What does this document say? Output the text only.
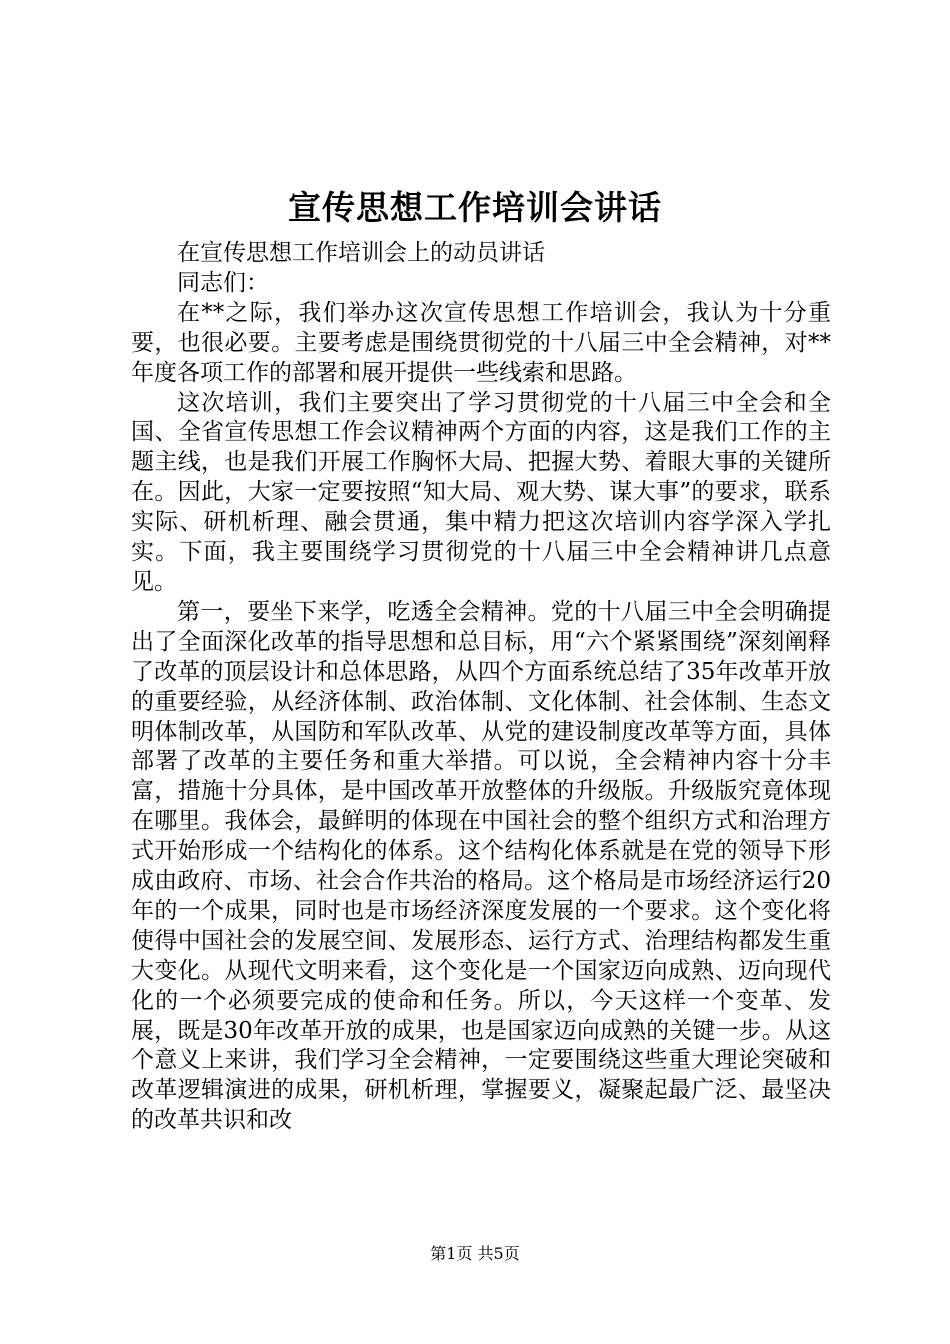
宣传思想工作培训会讲话

在宣传思想工作培训会上的动员讲话

同志们：

在**之际，我们举办这次宣传思想工作培训会，我认为十分重要，也很必要。主要考虑是围绕贯彻党的十八届三中全会精神，对**年度各项工作的部署和展开提供一些线索和思路。

这次培训，我们主要突出了学习贯彻党的十八届三中全会和全国、全省宣传思想工作会议精神两个方面的内容，这是我们工作的主题主线，也是我们开展工作胸怀大局、把握大势、着眼大事的关键所在。因此，大家一定要按照“知大局、观大势、谋大事”的要求，联系实际、研机析理、融会贯通，集中精力把这次培训内容学深入学扎实。下面，我主要围绕学习贯彻党的十八届三中全会精神讲几点意见。

第一，要坐下来学，吃透全会精神。党的十八届三中全会明确提出了全面深化改革的指导思想和总目标，用“六个紧紧围绕”深刻阐释了改革的顶层设计和总体思路，从四个方面系统总结了35年改革开放的重要经验，从经济体制、政治体制、文化体制、社会体制、生态文明体制改革，从国防和军队改革、从党的建设制度改革等方面，具体部署了改革的主要任务和重大举措。可以说，全会精神内容十分丰富，措施十分具体，是中国改革开放整体的升级版。升级版究竟体现在哪里。我体会，最鲜明的体现在中国社会的整个组织方式和治理方式开始形成一个结构化的体系。这个结构化体系就是在党的领导下形成由政府、市场、社会合作共治的格局。这个格局是市场经济运行20年的一个成果，同时也是市场经济深度发展的一个要求。这个变化将使得中国社会的发展空间、发展形态、运行方式、治理结构都发生重大变化。从现代文明来看，这个变化是一个国家迈向成熟、迈向现代化的一个必须要完成的使命和任务。所以，今天这样一个变革、发展，既是30年改革开放的成果，也是国家迈向成熟的关键一步。从这个意义上来讲，我们学习全会精神，一定要围绕这些重大理论突破和改革逻辑演进的成果，研机析理，掌握要义，凝聚起最广泛、最坚决的改革共识和改

第1页 共5页
